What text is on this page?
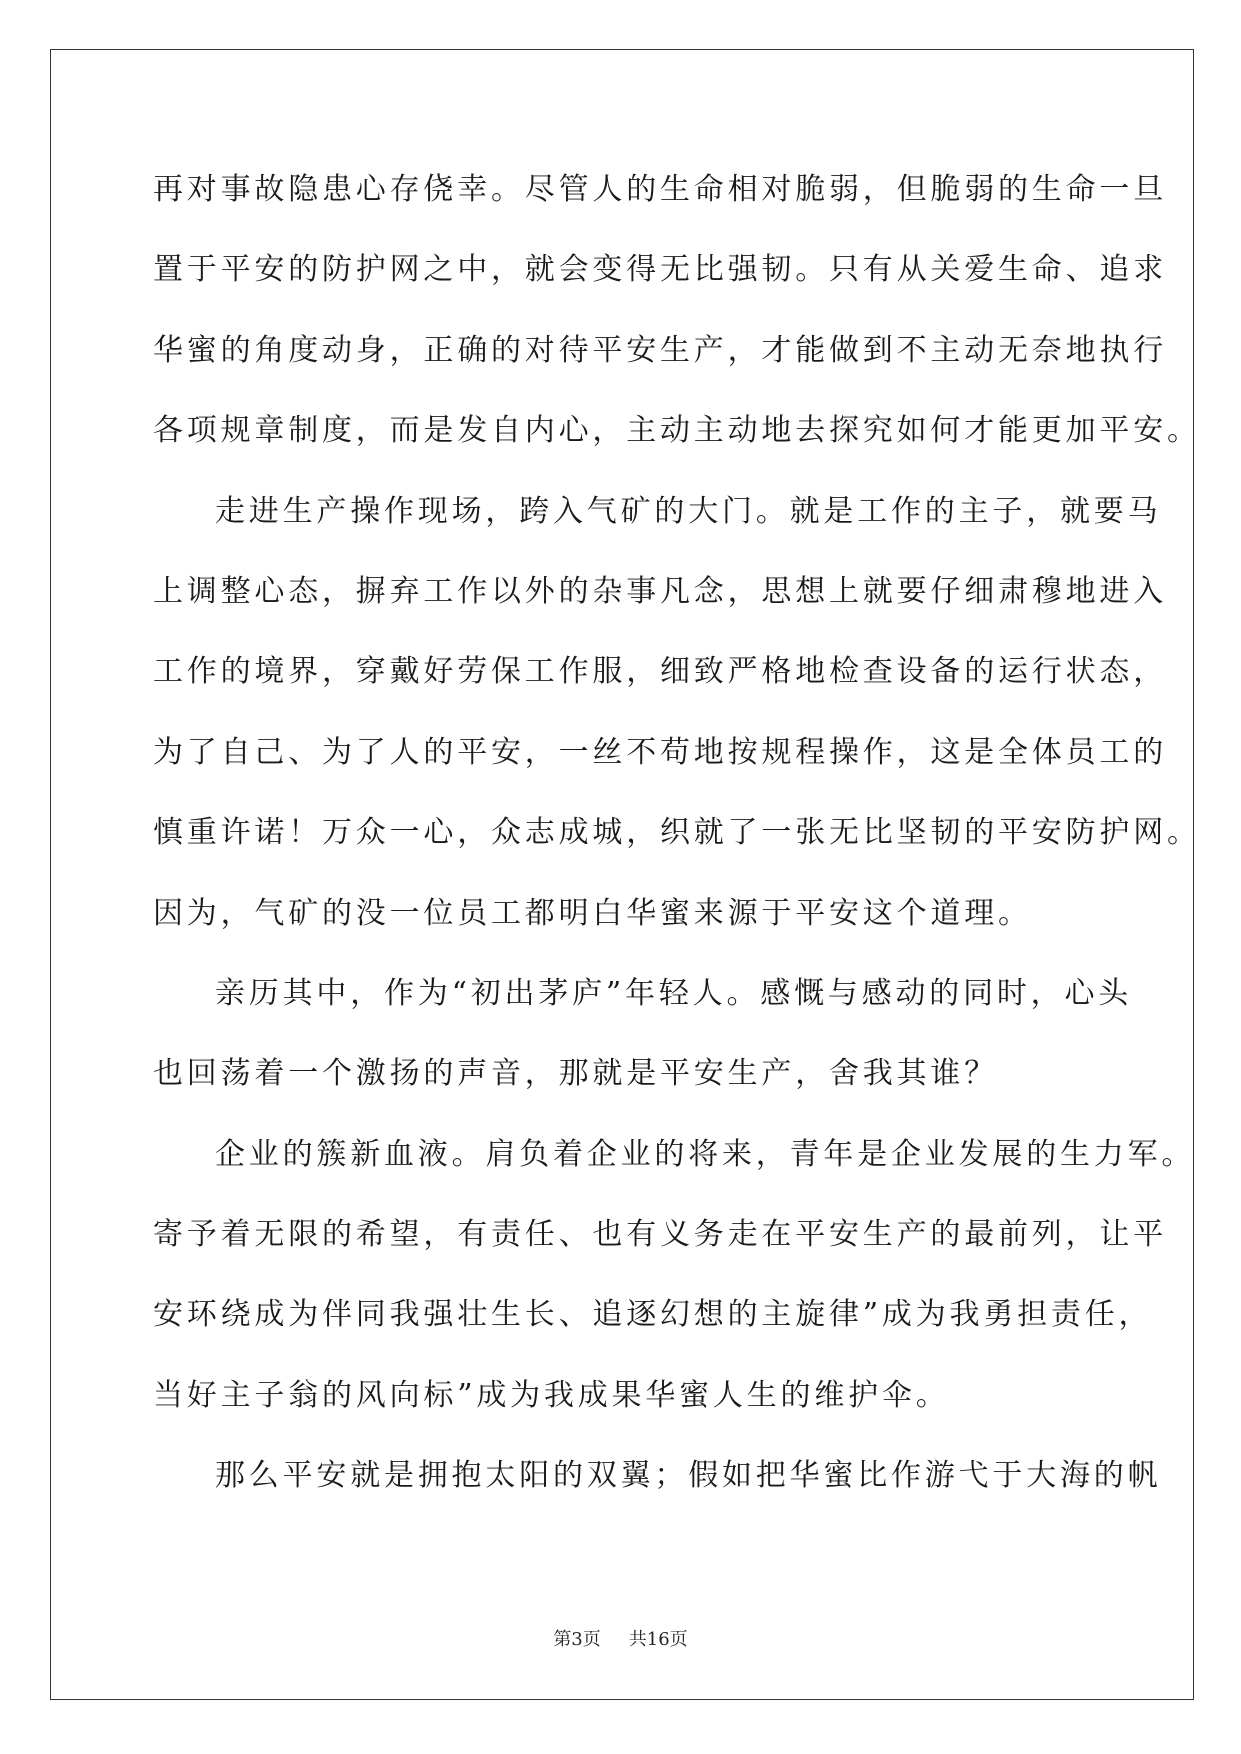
再对事故隐患心存侥幸。尽管人的生命相对脆弱，但脆弱的生命一旦
置于平安的防护网之中，就会变得无比强韧。只有从关爱生命、追求
华蜜的角度动身，正确的对待平安生产，才能做到不主动无奈地执行
各项规章制度，而是发自内心，主动主动地去探究如何才能更加平安。
走进生产操作现场，跨入气矿的大门。就是工作的主子，就要马
上调整心态，摒弃工作以外的杂事凡念，思想上就要仔细肃穆地进入
工作的境界，穿戴好劳保工作服，细致严格地检查设备的运行状态，
为了自己、为了人的平安，一丝不苟地按规程操作，这是全体员工的
慎重许诺！万众一心，众志成城，织就了一张无比坚韧的平安防护网。
因为，气矿的没一位员工都明白华蜜来源于平安这个道理。
亲历其中，作为“初出茅庐”年轻人。感慨与感动的同时，心头
也回荡着一个激扬的声音，那就是平安生产，舍我其谁？
企业的簇新血液。肩负着企业的将来，青年是企业发展的生力军。
寄予着无限的希望，有责任、也有义务走在平安生产的最前列，让平
安环绕成为伴同我强壮生长、追逐幻想的主旋律”成为我勇担责任，
当好主子翁的风向标”成为我成果华蜜人生的维护伞。
那么平安就是拥抱太阳的双翼；假如把华蜜比作游弋于大海的帆
第3页 共16页
